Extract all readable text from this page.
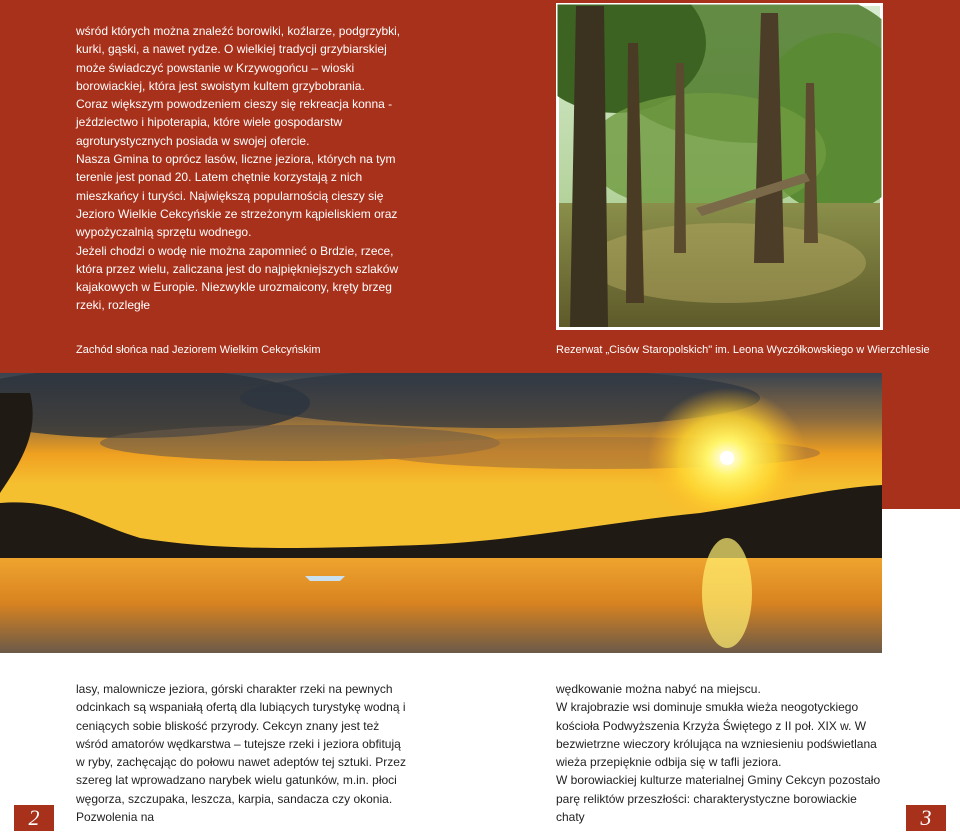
wśród których można znaleźć borowiki, koźlarze, podgrzybki, kurki, gąski, a nawet rydze. O wielkiej tradycji grzybiarskiej może świadczyć powstanie w Krzywogońcu – wioski borowiackiej, która jest swoistym kultem grzybobrania.

Coraz większym powodzeniem cieszy się rekreacja konna - jeździectwo i hipoterapia, które wiele gospodarstw agroturystycznych posiada w swojej ofercie.

Nasza Gmina to oprócz lasów, liczne jeziora, których na tym terenie jest ponad 20. Latem chętnie korzystają z nich mieszkańcy i turyści. Największą popularnością cieszy się Jezioro Wielkie Cekcyńskie ze strzeżonym kąpieliskiem oraz wypożyczalnią sprzętu wodnego.

Jeżeli chodzi o wodę nie można zapomnieć o Brdzie, rzece, która przez wielu, zaliczana jest do najpiękniejszych szlaków kajakowych w Europie. Niezwykle urozmaicony, kręty brzeg rzeki, rozległe

Zachód słońca nad Jeziorem Wielkim Cekcyńskim	Rezerwat „Cisów Staropolskich" im. Leona Wyczółkowskiego w Wierzchlesie

lasy, malownicze jeziora, górski charakter rzeki na pewnych odcinkach są wspaniałą ofertą dla lubiących turystykę wodną i ceniących sobie bliskość przyrody. Cekcyn znany jest też wśród amatorów wędkarstwa – tutejsze rzeki i jeziora obfitują w ryby, zachęcając do połowu nawet adeptów tej sztuki. Przez szereg lat wprowadzano narybek wielu gatunków, m.in. płoci węgorza, szczupaka, leszcza, karpia, sandacza czy okonia. Pozwolenia na

wędkowanie można nabyć na miejscu.

W krajobrazie wsi dominuje smukła wieża neogotyckiego kościoła Podwyższenia Krzyża Świętego z II poł. XIX w. W bezwietrzne wieczory królująca na wzniesieniu podświetlana wieża przepięknie odbija się w tafli jeziora.

W borowiackiej kulturze materialnej Gminy Cekcyn pozostało parę reliktów przeszłości: charakterystyczne borowiackie chaty

2	3
